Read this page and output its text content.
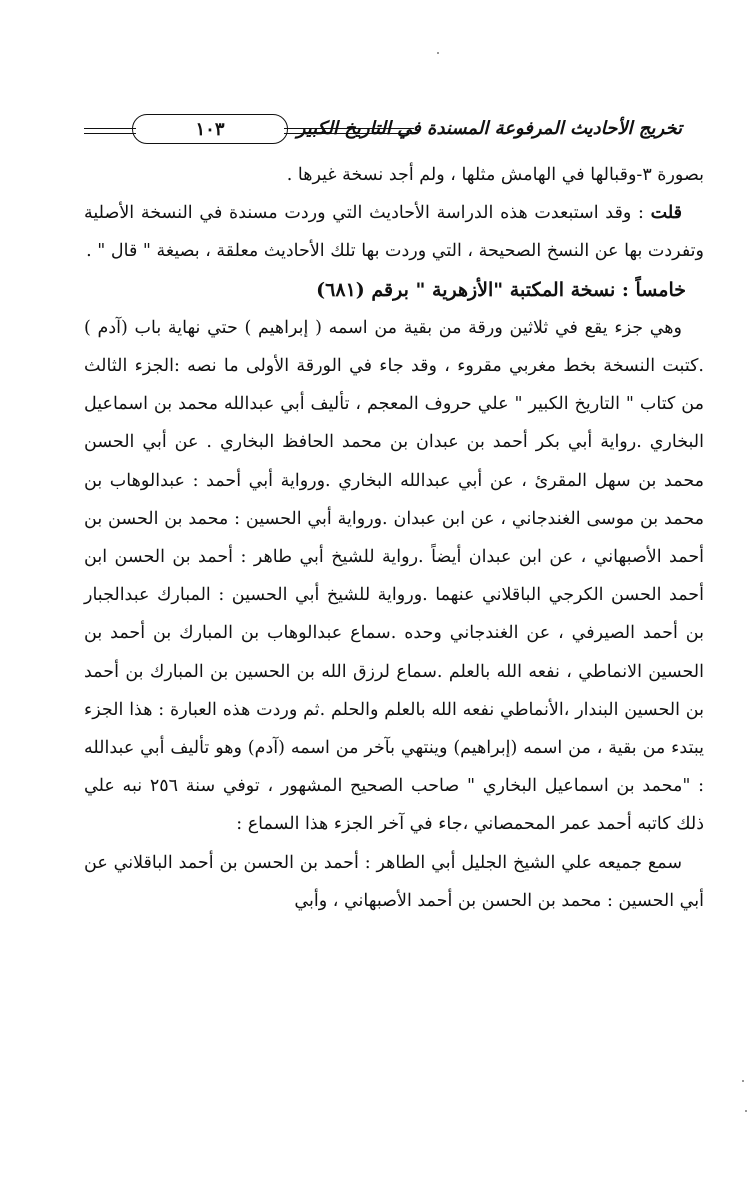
١٠٣	تخريج الأحاديث المرفوعة المسندة في التاريخ الكبير

بصورة ٣-وقبالها في الهامش مثلها ، ولم أجد نسخة غيرها .

قلت : وقد استبعدت هذه الدراسة الأحاديث التي وردت مسندة في النسخة الأصلية وتفردت بها عن النسخ الصحيحة ، التي وردت بها تلك الأحاديث معلقة ، بصيغة " قال " .

خامساً : نسخة المكتبة "الأزهرية " برقم (٦٨١)

وهي جزء يقع في ثلاثين ورقة من بقية من اسمه ( إبراهيم ) حتي نهاية باب (آدم ) .كتبت النسخة بخط مغربي مقروء ، وقد جاء في الورقة الأولى ما نصه :الجزء الثالث من كتاب " التاريخ الكبير " علي حروف المعجم ، تأليف أبي عبدالله محمد بن اسماعيل البخاري .رواية أبي بكر أحمد بن عبدان بن محمد الحافظ البخاري . عن أبي الحسن محمد بن سهل المقرئ ، عن أبي عبدالله البخاري .ورواية أبي أحمد : عبدالوهاب بن محمد بن موسى الغندجاني ، عن ابن عبدان .ورواية أبي الحسين : محمد بن الحسن بن أحمد الأصبهاني ، عن ابن عبدان أيضاً .رواية للشيخ أبي طاهر : أحمد بن الحسن ابن أحمد الحسن الكرجي الباقلاني عنهما .ورواية للشيخ أبي الحسين : المبارك عبدالجبار بن أحمد الصيرفي ، عن الغندجاني وحده .سماع عبدالوهاب بن المبارك بن أحمد بن الحسين الانماطي ، نفعه الله بالعلم .سماع لرزق الله بن الحسين بن المبارك بن أحمد بن الحسين البندار ،الأنماطي نفعه الله بالعلم والحلم .ثم وردت هذه العبارة : هذا الجزء يبتدء من بقية ، من اسمه (إبراهيم) وينتهي بآخر من اسمه (آدم) وهو تأليف أبي عبدالله : "محمد بن اسماعيل البخاري " صاحب الصحيح المشهور ، توفي سنة ٢٥٦ نبه علي ذلك كاتبه أحمد عمر المحمصاني ،جاء في آخر الجزء هذا السماع :

سمع جميعه علي الشيخ الجليل أبي الطاهر : أحمد بن الحسن بن أحمد الباقلاني عن أبي الحسين : محمد بن الحسن بن أحمد الأصبهاني ، وأبي
